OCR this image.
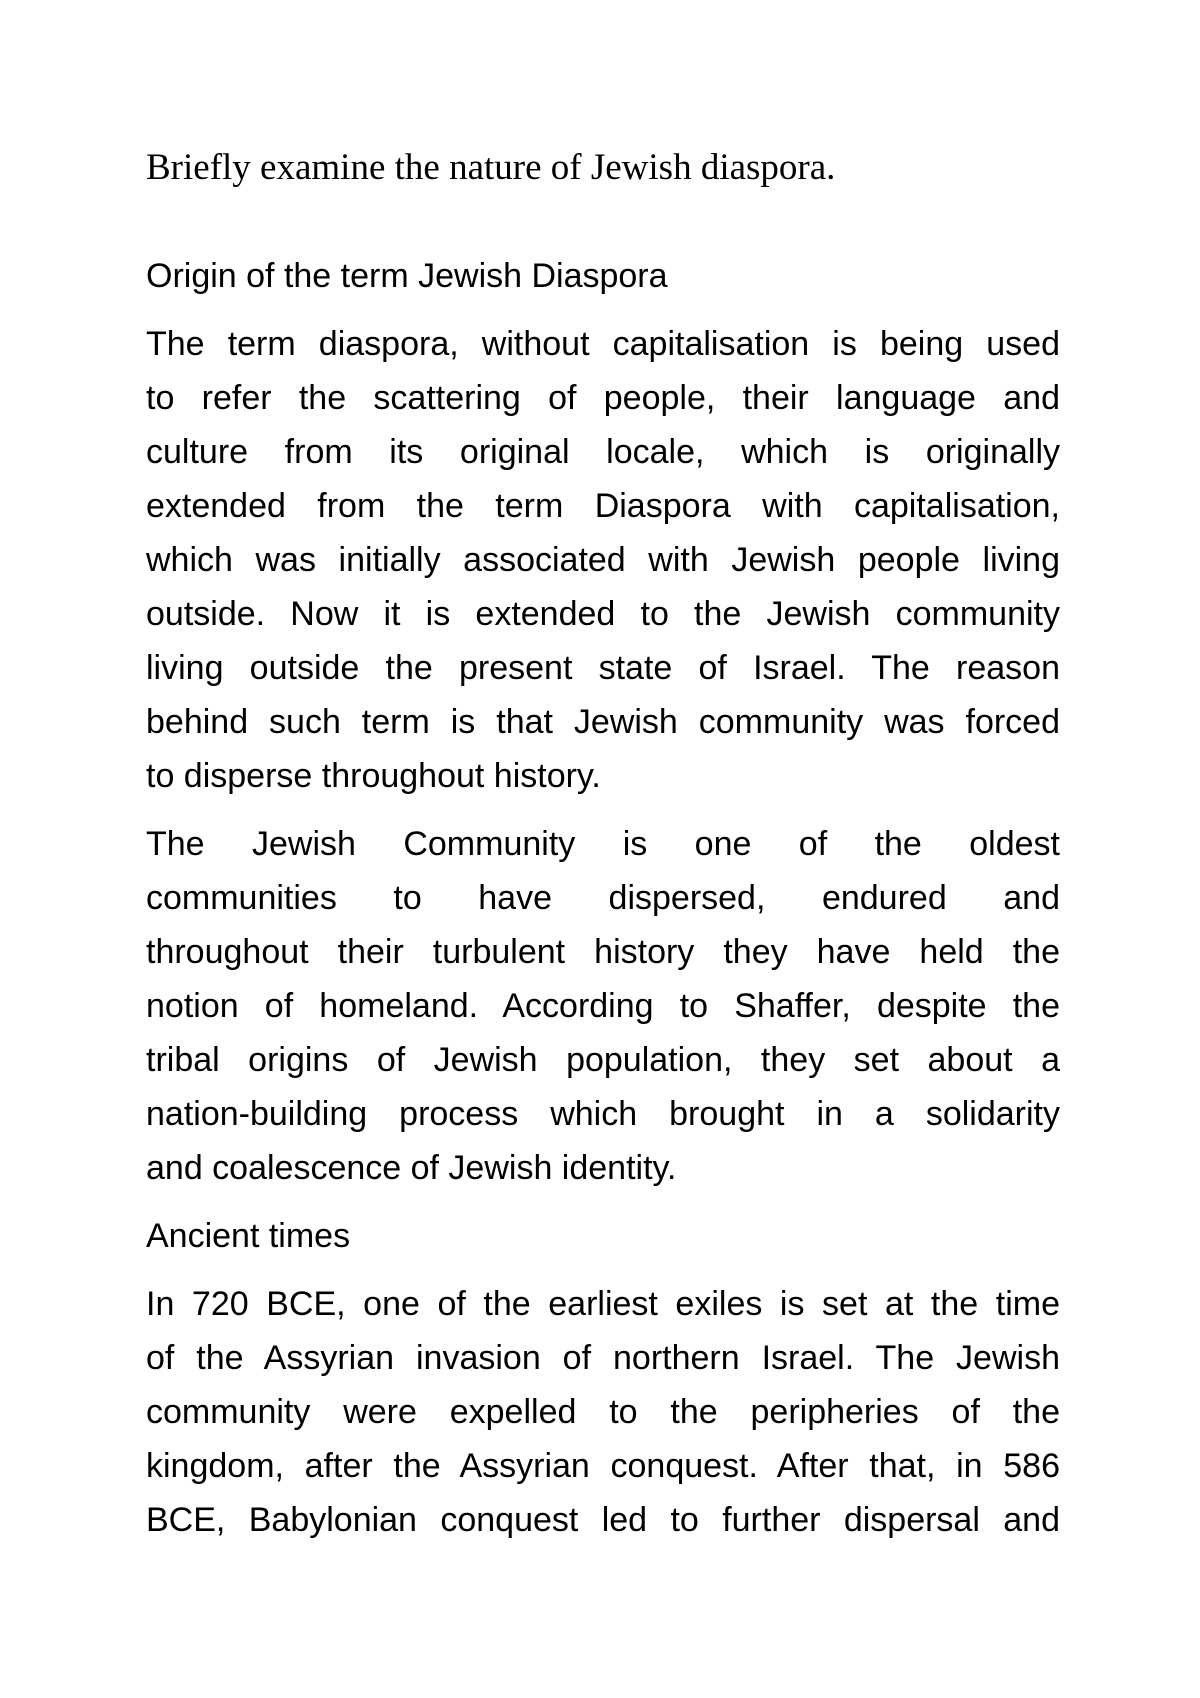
Briefly examine the nature of Jewish diaspora.
Origin of the term Jewish Diaspora

The term diaspora, without capitalisation is being used
to refer the scattering of people, their language and
culture from its original locale, which is originally
extended from the term Diaspora with capitalisation,
which was initially associated with Jewish people living
outside. Now it is extended to the Jewish community
living outside the present state of Israel. The reason
behind such term is that Jewish community was forced
to disperse throughout history.

The Jewish Community is one of the oldest
communities to have dispersed, endured and
throughout their turbulent history they have held the
notion of homeland. According to Shaffer, despite the
tribal origins of Jewish population, they set about a
nation-building process which brought in a solidarity
and coalescence of Jewish identity.

Ancient times

In 720 BCE, one of the earliest exiles is set at the time
of the Assyrian invasion of northern Israel. The Jewish
community were expelled to the peripheries of the
kingdom, after the Assyrian conquest. After that, in 586
BCE, Babylonian conquest led to further dispersal and
